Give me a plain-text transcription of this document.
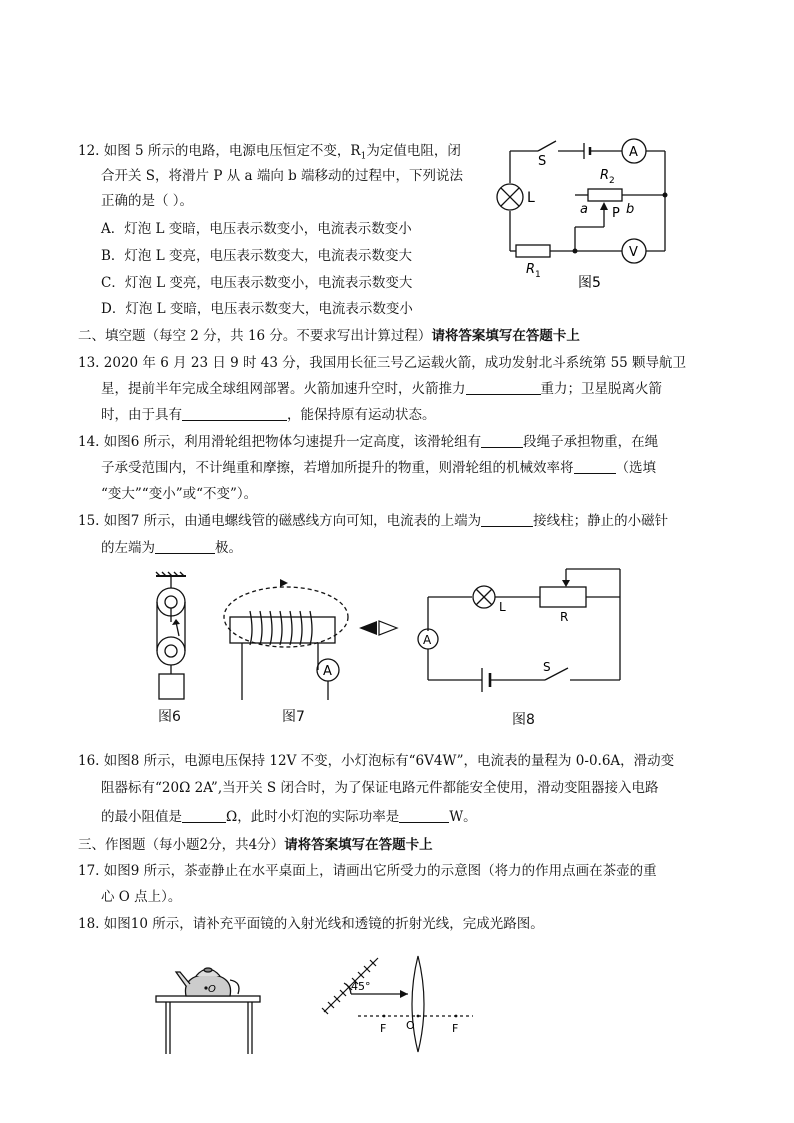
12. 如图 5 所示的电路，电源电压恒定不变，$R_1$为定值电阻，闭
合开关 S，将滑片 P 从 a 端向 b 端移动的过程中，下列说法
正确的是（ ）。
A．灯泡 L 变暗，电压表示数变小，电流表示数变小
B．灯泡 L 变亮，电压表示数变大，电流表示数变大
C．灯泡 L 变亮，电压表示数变小，电流表示数变大
D．灯泡 L 变暗，电压表示数变大，电流表示数变小
S
A
V
L
R 2
R 1
a	b
P
图5
二、填空题（每空 2 分，共 16 分。不要求写出计算过程）请将答案填写在答题卡上
13. 2020 年 6 月 23 日 9 时 43 分，我国用长征三号乙运载火箭，成功发射北斗系统第 55 颗导航卫
星，提前半年完成全球组网部署。火箭加速升空时，火箭推力	重力；卫星脱离火箭
时，由于具有	，能保持原有运动状态。
14. 如图6 所示，利用滑轮组把物体匀速提升一定高度，该滑轮组有	段绳子承担物重，在绳
子承受范围内，不计绳重和摩擦，若增加所提升的物重，则滑轮组的机械效率将	（选填
“变大”“变小”或“不变”）。
15. 如图7 所示，由通电螺线管的磁感线方向可知，电流表的上端为	接线柱；静止的小磁针
的左端为	极。
图6
A
图7
A
L
R
S
图8
16. 如图8 所示，电源电压保持 12V 不变，小灯泡标有“6V4W”，电流表的量程为 0-0.6A，滑动变
阻器标有“20Ω 2A”,当开关 S 闭合时，为了保证电路元件都能安全使用，滑动变阻器接入电路
的最小阻值是	Ω，此时小灯泡的实际功率是	W。
三、作图题（每小题2分，共4分）请将答案填写在答题卡上
17. 如图9 所示，茶壶静止在水平桌面上，请画出它所受力的示意图（将力的作用点画在茶壶的重
心 O 点上）。
18. 如图10 所示，请补充平面镜的入射光线和透镜的折射光线，完成光路图。
O	45°
F O	F
